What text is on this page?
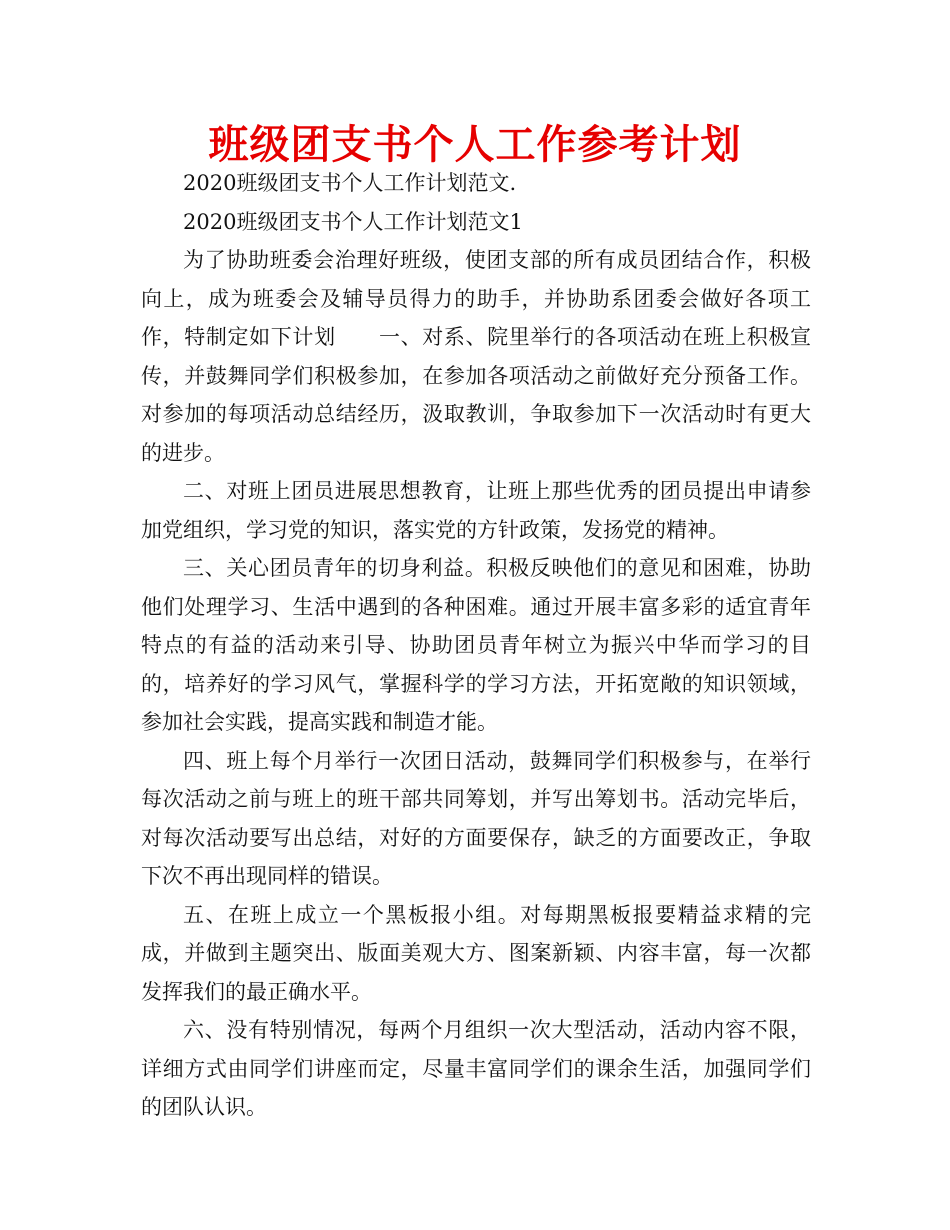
班级团支书个人工作参考计划

2020班级团支书个人工作计划范文.

2020班级团支书个人工作计划范文1

为了协助班委会治理好班级，使团支部的所有成员团结合作，积极向上，成为班委会及辅导员得力的助手，并协助系团委会做好各项工作，特制定如下计划　　一、对系、院里举行的各项活动在班上积极宣传，并鼓舞同学们积极参加，在参加各项活动之前做好充分预备工作。对参加的每项活动总结经历，汲取教训，争取参加下一次活动时有更大的进步。

二、对班上团员进展思想教育，让班上那些优秀的团员提出申请参加党组织，学习党的知识，落实党的方针政策，发扬党的精神。

三、关心团员青年的切身利益。积极反映他们的意见和困难，协助他们处理学习、生活中遇到的各种困难。通过开展丰富多彩的适宜青年特点的有益的活动来引导、协助团员青年树立为振兴中华而学习的目的，培养好的学习风气，掌握科学的学习方法，开拓宽敞的知识领域，参加社会实践，提高实践和制造才能。

四、班上每个月举行一次团日活动，鼓舞同学们积极参与，在举行每次活动之前与班上的班干部共同筹划，并写出筹划书。活动完毕后，对每次活动要写出总结，对好的方面要保存，缺乏的方面要改正，争取下次不再出现同样的错误。

五、在班上成立一个黑板报小组。对每期黑板报要精益求精的完成，并做到主题突出、版面美观大方、图案新颖、内容丰富，每一次都发挥我们的最正确水平。

六、没有特别情况，每两个月组织一次大型活动，活动内容不限，详细方式由同学们讲座而定，尽量丰富同学们的课余生活，加强同学们的团队认识。
